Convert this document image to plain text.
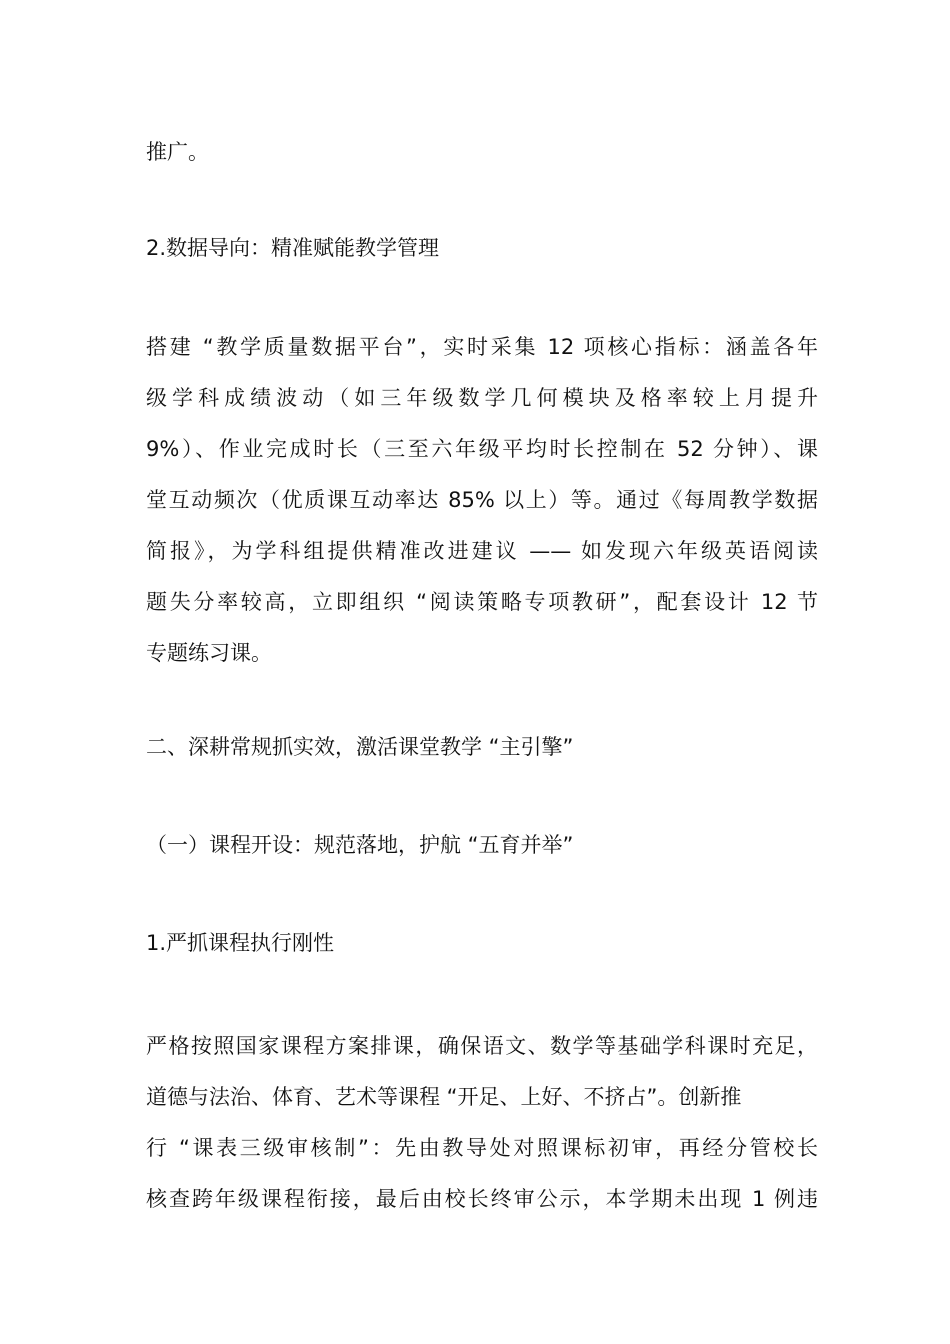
推广。

2.数据导向：精准赋能教学管理

搭建 “教学质量数据平台”，实时采集 12 项核心指标：涵盖各年
级学科成绩波动（如三年级数学几何模块及格率较上月提升
9%）、作业完成时长（三至六年级平均时长控制在 52 分钟）、课
堂互动频次（优质课互动率达 85% 以上）等。通过《每周教学数据
简报》，为学科组提供精准改进建议 —— 如发现六年级英语阅读
题失分率较高，立即组织 “阅读策略专项教研”，配套设计 12 节
专题练习课。

二、深耕常规抓实效，激活课堂教学 “主引擎”

（一）课程开设：规范落地，护航 “五育并举”

1.严抓课程执行刚性

严格按照国家课程方案排课，确保语文、数学等基础学科课时充足，
道德与法治、体育、艺术等课程 “开足、上好、不挤占”。创新推
行 “课表三级审核制”：先由教导处对照课标初审，再经分管校长
核查跨年级课程衔接，最后由校长终审公示，本学期未出现 1 例违
